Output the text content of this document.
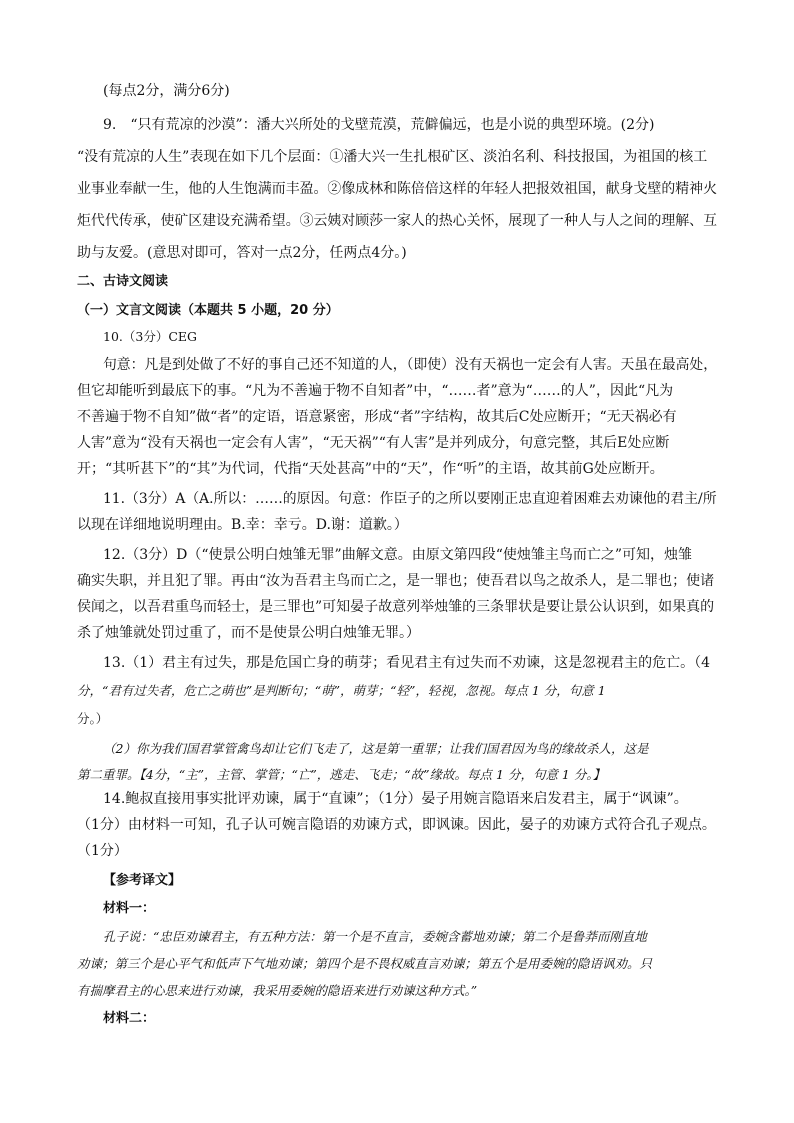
(每点2分，满分6分)
9.　“只有荒凉的沙漠”：潘大兴所处的戈壁荒漠，荒僻偏远，也是小说的典型环境。(2分)
“没有荒凉的人生”表现在如下几个层面：①潘大兴一生扎根矿区、淡泊名利、科技报国，为祖国的核工
业事业奉献一生，他的人生饱满而丰盈。②像成林和陈倍倍这样的年轻人把报效祖国，献身戈壁的精神火
炬代代传承，使矿区建设充满希望。③云姨对顾莎一家人的热心关怀，展现了一种人与人之间的理解、互
助与友爱。(意思对即可，答对一点2分，任两点4分。)
二、古诗文阅读
（一）文言文阅读（本题共 5 小题，20 分）
10.（3分）CEG
句意：凡是到处做了不好的事自己还不知道的人，（即使）没有天祸也一定会有人害。天虽在最高处，
但它却能听到最底下的事。“凡为不善遍于物不自知者”中，“……者”意为“……的人”，因此“凡为
不善遍于物不自知”做“者”的定语，语意紧密，形成“者”字结构，故其后C处应断开；“无天祸必有
人害”意为“没有天祸也一定会有人害”，“无天祸”“有人害”是并列成分，句意完整，其后E处应断
开；“其听甚下”的“其”为代词，代指“天处甚高”中的“天”，作“听”的主语，故其前G处应断开。
11.（3分）A（A.所以：……的原因。句意：作臣子的之所以要刚正忠直迎着困难去劝谏他的君主/所
以现在详细地说明理由。B.幸：幸亏。D.谢：道歉。）
12.（3分）D（“使景公明白烛雏无罪”曲解文意。由原文第四段“使烛雏主鸟而亡之”可知，烛雏
确实失职，并且犯了罪。再由“汝为吾君主鸟而亡之，是一罪也；使吾君以鸟之故杀人，是二罪也；使诸
侯闻之，以吾君重鸟而轻士，是三罪也”可知晏子故意列举烛雏的三条罪状是要让景公认识到，如果真的
杀了烛雏就处罚过重了，而不是使景公明白烛雏无罪。）
13.（1）君主有过失，那是危国亡身的萌芽；看见君主有过失而不劝谏，这是忽视君主的危亡。（4
分，“君有过失者，危亡之萌也”是判断句；“萌”，萌芽；“轻”，轻视，忽视。每点 1 分，句意 1
分。）
（2）你为我们国君掌管禽鸟却让它们飞走了，这是第一重罪；让我们国君因为鸟的缘故杀人，这是
第二重罪。【4分，“主”，主管、掌管；“亡”，逃走、飞走；“故”缘故。每点 1 分，句意 1 分。】
14.鲍叔直接用事实批评劝谏，属于“直谏”；（1分）晏子用婉言隐语来启发君主，属于“讽谏”。
（1分）由材料一可知，孔子认可婉言隐语的劝谏方式，即讽谏。因此，晏子的劝谏方式符合孔子观点。
（1分）
【参考译文】
材料一：
孔子说：“忠臣劝谏君主，有五种方法：第一个是不直言，委婉含蓄地劝谏；第二个是鲁莽而刚直地
劝谏；第三个是心平气和低声下气地劝谏；第四个是不畏权威直言劝谏；第五个是用委婉的隐语讽劝。只
有揣摩君主的心思来进行劝谏，我采用委婉的隐语来进行劝谏这种方式。”
材料二：
